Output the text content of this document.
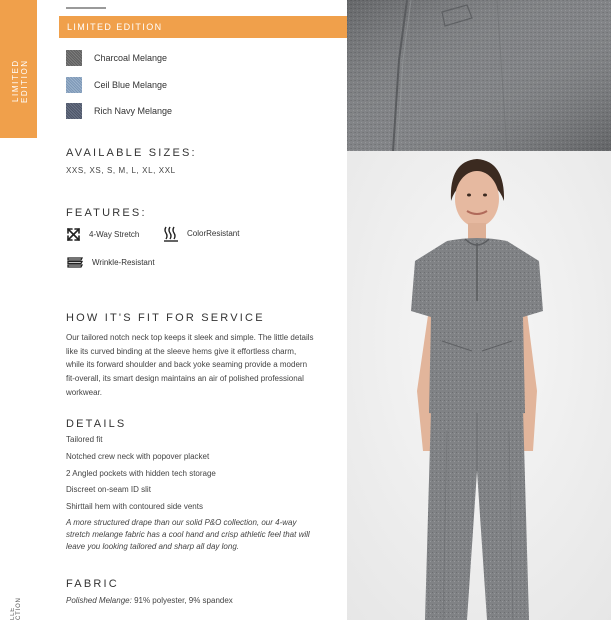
LIMITED EDITION
LIMITED EDITION
Charcoal Melange
Ceil Blue Melange
Rich Navy Melange
AVAILABLE SIZES:
XXS, XS, S, M, L, XL, XXL
FEATURES:
4-Way Stretch	ColorResistant
Wrinkle-Resistant
HOW IT'S FIT FOR SERVICE
Our tailored notch neck top keeps it sleek and simple. The little details like its curved binding at the sleeve hems give it effortless charm, while its forward shoulder and back yoke seaming provide a modern fit-overall, its smart design maintains an air of polished professional workwear.
DETAILS
Tailored fit
Notched crew neck with popover placket
2 Angled pockets with hidden tech storage
Discreet on-seam ID slit
Shirttail hem with contoured side vents
A more structured drape than our solid P&O collection, our 4-way stretch melange fabric has a cool hand and crisp athletic feel that will leave you looking tailored and sharp all day long.
FABRIC
Polished Melange: 91% polyester, 9% spandex
LLE CTION
